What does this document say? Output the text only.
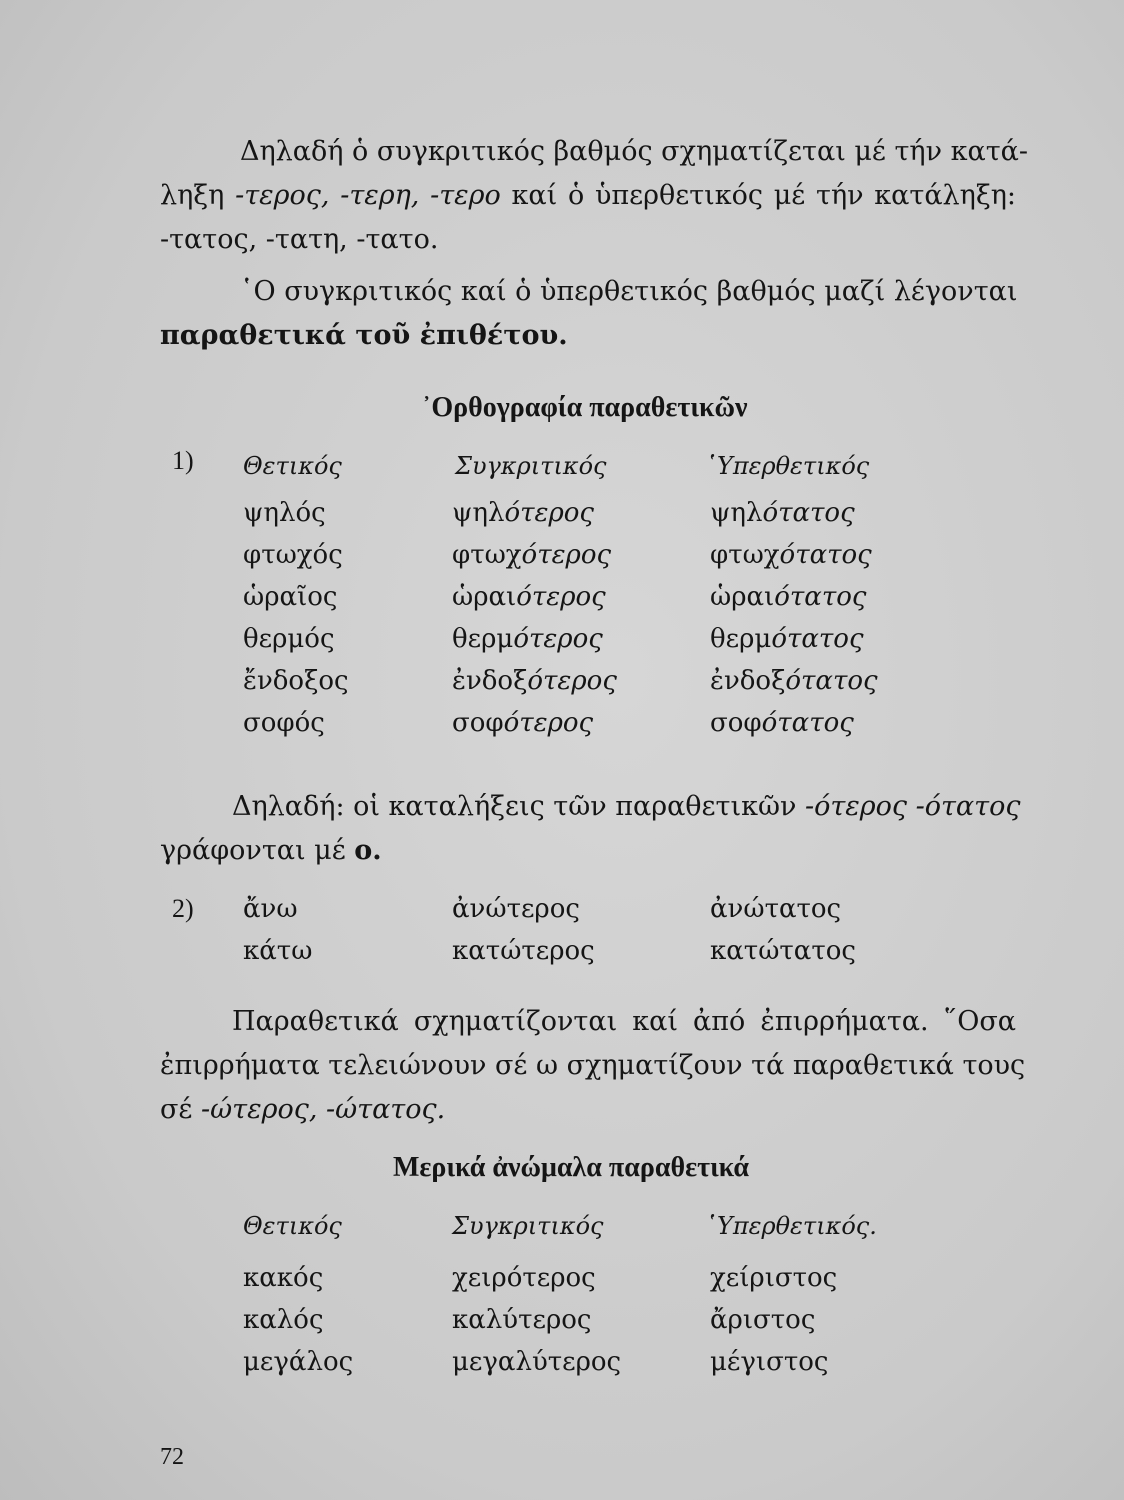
Δηλαδή ὁ συγκριτικός βαθμός σχηματίζεται μέ τήν κατά-
ληξη -τερος, -τερη, -τερο καί ὁ ὑπερθετικός μέ τήν κατάληξη:
-τατος, -τατη, -τατο.
῾Ο συγκριτικός καί ὁ ὑπερθετικός βαθμός μαζί λέγονται
παραθετικά τοῦ ἐπιθέτου.
᾿Ορθογραφία παραθετικῶν
1) Θετικός	Συγκριτικός	῾Υπερθετικός
ψηλός	ψηλότερος	ψηλότατος
φτωχός	φτωχότερος	φτωχότατος
ὡραῖος	ὡραιότερος	ὡραιότατος
θερμός	θερμότερος	θερμότατος
ἔνδοξος	ἐνδοξότερος	ἐνδοξότατος
σοφός	σοφότερος	σοφότατος
Δηλαδή: οἱ καταλήξεις τῶν παραθετικῶν -ότερος -ότατος
γράφονται μέ ο.
2) ἄνω	ἀνώτερος	ἀνώτατος
κάτω	κατώτερος	κατώτατος
Παραθετικά σχηματίζονται καί ἀπό ἐπιρρήματα. ῞Οσα
ἐπιρρήματα τελειώνουν σέ ω σχηματίζουν τά παραθετικά τους
σέ -ώτερος, -ώτατος.
Μερικά ἀνώμαλα παραθετικά
Θετικός	Συγκριτικός	῾Υπερθετικός.
κακός	χειρότερος	χείριστος
καλός	καλύτερος	ἄριστος
μεγάλος	μεγαλύτερος	μέγιστος
72
